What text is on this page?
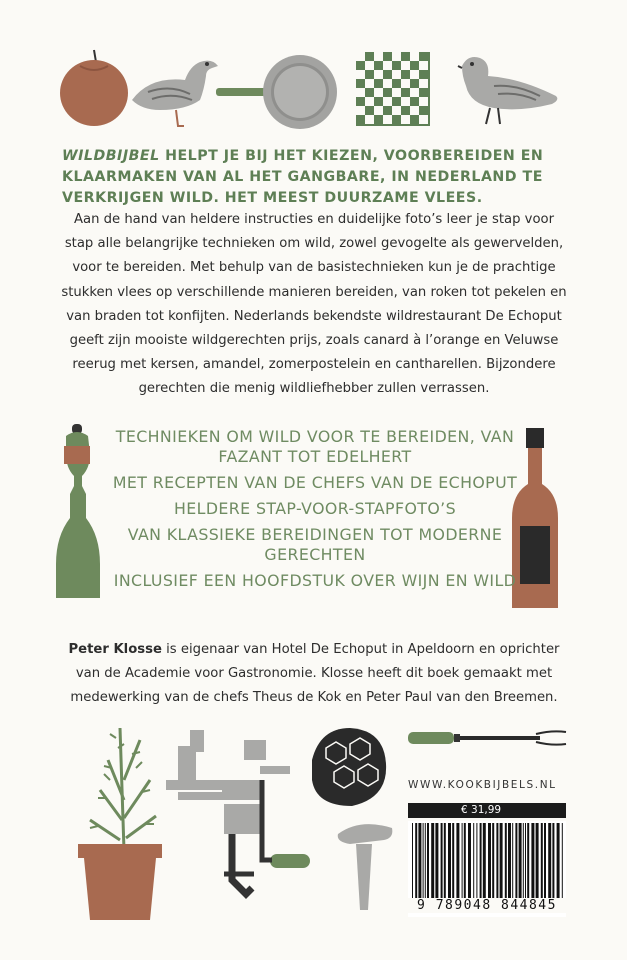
WILDBIJBEL HELPT JE BIJ HET KIEZEN, VOORBEREIDEN EN KLAARMAKEN VAN AL HET GANGBARE, IN NEDERLAND TE VERKRIJGEN WILD. HET MEEST DUURZAME VLEES.
Aan de hand van heldere instructies en duidelijke foto’s leer je stap voor stap alle belangrijke technieken om wild, zowel gevogelte als gewervelden, voor te bereiden. Met behulp van de basistechnieken kun je de prachtige stukken vlees op verschillende manieren bereiden, van roken tot pekelen en van braden tot konfijten. Nederlands bekendste wildrestaurant De Echoput geeft zijn mooiste wildgerechten prijs, zoals canard à l’orange en Veluwse reerug met kersen, amandel, zomerpostelein en cantharellen. Bijzondere gerechten die menig wildliefhebber zullen verrassen.
TECHNIEKEN OM WILD VOOR TE BEREIDEN, VAN FAZANT TOT EDELHERT
MET RECEPTEN VAN DE CHEFS VAN DE ECHOPUT
HELDERE STAP-VOOR-STAPFOTO’S
VAN KLASSIEKE BEREIDINGEN TOT MODERNE GERECHTEN
INCLUSIEF EEN HOOFDSTUK OVER WIJN EN WILD
Peter Klosse is eigenaar van Hotel De Echoput in Apeldoorn en oprichter van de Academie voor Gastronomie. Klosse heeft dit boek gemaakt met medewerking van de chefs Theus de Kok en Peter Paul van den Breemen.
WWW.KOOKBIJBELS.NL
€ 31,99
9 789048 844845
